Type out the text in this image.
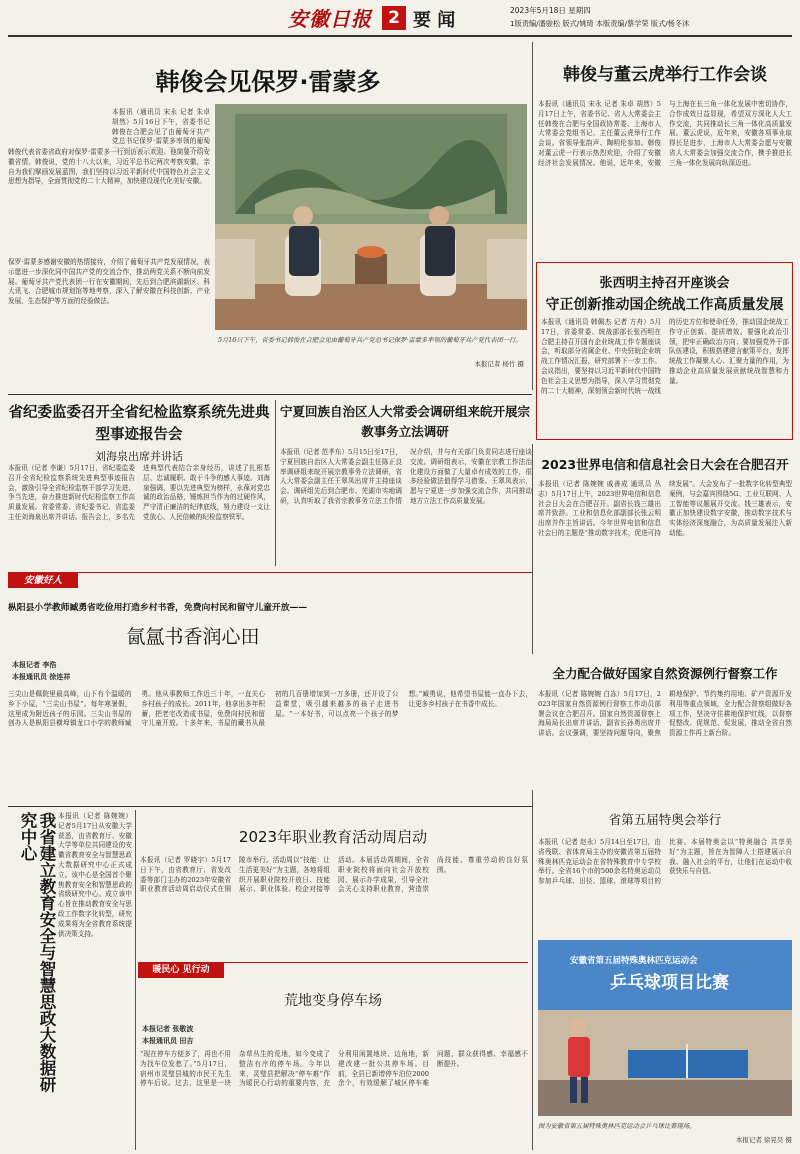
安徽日报 2 要 闻	2023年5月18日 星期四
1版责编/潘骏松 版式/姚琦 本版责编/蔡学荣 版式/杨冬沐
韩俊会见保罗·雷蒙多
本报讯（通讯员 宋永 记者 朱卓 胡然）5月16日下午，省委书记韩俊在合肥会见了由葡萄牙共产党总书记保罗·雷蒙多率领的葡萄
韩俊代表省委省政府对保罗·雷蒙多一行到访表示欢迎。他简要介绍安徽省情，韩俊说，党的十八大以来，习近平总书记两次考察安徽，亲自为我们擘画发展蓝图，我们坚持以习近平新时代中国特色社会主义思想为指导，全面贯彻党的二十大精神，加快建设现代化美好安徽。
保罗·雷蒙多感谢安徽的热情接待，介绍了葡萄牙共产党发展情况，表示愿进一步深化同中国共产党的交流合作，推动两党关系不断向前发展。葡萄牙共产党代表团一行在安徽期间，先后到合肥滨湖新区、科大讯飞、合肥城市规划馆等地考察，深入了解安徽在科技创新、产业发展、生态保护等方面的经验做法。
5月16日下午，省委书记韩俊在合肥会见由葡萄牙共产党总书记保罗·雷蒙多率领的葡萄牙共产党代表团一行。
本报记者 杨竹 摄
韩俊与董云虎举行工作会谈
本报讯（通讯员 宋永 记者 朱卓 胡然）5月17日上午，省委书记、省人大常委会主任韩俊在合肥与全国政协常委、上海市人大常委会党组书记、主任董云虎举行工作会谈。省领导张韵声、陶明伦参加。韩俊对董云虎一行表示热烈欢迎，介绍了安徽经济社会发展情况。他说，近年来，安徽与上海在长三角一体化发展中密切协作，合作成效日益显现，希望双方深化人大工作交流，共同推动长三角一体化高质量发展。董云虎说，近年来，安徽各项事业取得长足进步，上海市人大常委会愿与安徽省人大常委会加强交流合作，携手推进长三角一体化发展向纵深迈进。
张西明主持召开座谈会
守正创新推动国企统战工作高质量发展
本报讯（通讯员 韩佩杰 记者 方舟）5月17日，省委常委、统战部部长张西明在合肥主持召开国有企业统战工作专题座谈会，听取部分省属企业、中央驻皖企业统战工作情况汇报，研究部署下一步工作。会议指出，要坚持以习近平新时代中国特色社会主义思想为指导，深入学习贯彻党的二十大精神，深刻领会新时代统一战线的历史方位和使命任务，推动国企统战工作守正创新、提质增效。要强化政治引领，把牢正确政治方向；要加强党外干部队伍建设，积极搭建建言献策平台，发挥统战工作凝聚人心、汇聚力量的作用，为推动企业高质量发展贡献统战智慧和力量。
省纪委监委召开全省纪检监察系统先进典型事迹报告会
刘海泉出席并讲话
本报讯（记者 李谦）5月17日，省纪委监委召开全省纪检监察系统先进典型事迹报告会，激励引导全省纪检监察干部学习先进、争当先进，奋力推进新时代纪检监察工作高质量发展。省委常委、省纪委书记、省监委主任刘海泉出席并讲话。报告会上，多名先进典型代表结合亲身经历，讲述了扎根基层、忠诚履职、敢于斗争的感人事迹。刘海泉强调，要以先进典型为榜样，永葆对党忠诚的政治品格，锤炼担当作为的过硬作风，严守清正廉洁的纪律底线，努力建设一支让党放心、人民信赖的纪检监察铁军。
宁夏回族自治区人大常委会调研组来皖开展宗教事务立法调研
本报讯（记者 范孝东）5月15日至17日，宁夏回族自治区人大常委会副主任陈正良率调研组来皖开展宗教事务立法调研，省人大常委会副主任王翠凤出席并主持座谈会。调研组先后到合肥市、芜湖市实地调研，认真听取了我省宗教事务立法工作情况介绍，并与有关部门负责同志进行座谈交流。调研组表示，安徽在宗教工作法治化建设方面做了大量卓有成效的工作，很多经验做法值得学习借鉴。王翠凤表示，愿与宁夏进一步加强交流合作，共同推动地方立法工作高质量发展。
2023世界电信和信息社会日大会在合肥召开
本报讯（记者 陈婉婉 戚善成 通讯员 丛志）5月17日上午，2023世界电信和信息社会日大会在合肥召开。副省长钱三雄出席并致辞。工业和信息化部副部长张云明出席并作主旨讲话。今年世界电信和信息社会日的主题是“推动数字技术，促进可持续发展”。大会发布了一批数字化转型典型案例，与会嘉宾围绕5G、工业互联网、人工智能等议题展开交流。钱三雄表示，安徽正加快建设数字安徽，推动数字技术与实体经济深度融合，为高质量发展注入新动能。
安徽好人
枞阳县小学教师臧勇省吃俭用打造乡村书香，免费向村民和留守儿童开放——
氤氲书香润心田
本报记者 李浩
本报通讯员 徐连祥
三尖山是佩院里最高峰，山下有个温暖的乡下小屋，“三尖山书屋”。每年寒暑假，这里成为附近孩子的乐园。三尖山书屋的创办人是枞阳县横埠镇龙口小学的教师臧勇。他从事教师工作近三十年，一直关心乡村孩子的成长。2011年，他拿出多年积蓄，把老宅改造成书屋，免费向村民和留守儿童开放。十多年来，书屋的藏书从最初的几百册增加到一万多册，还开设了公益课堂，吸引越来越多的孩子走进书屋。“一本好书，可以点亮一个孩子的梦想。”臧勇说，他希望书屋能一直办下去，让更多乡村孩子在书香中成长。
全力配合做好国家自然资源例行督察工作
本报讯（记者 陈婉婉 白冻）5月17日，2023年国家自然资源例行督察工作动员部署会议在合肥召开。国家自然资源督察上海局局长出席并讲话，副省长孙勇出席并讲话。会议强调，要坚持问题导向，聚焦耕地保护、节约集约用地、矿产资源开发利用等重点领域，全力配合督察组做好各项工作，坚决守住耕地保护红线，以督察促整改、促规范、促发展，推动全省自然资源工作再上新台阶。
我省建立教育安全与智慧思政大数据研究中心	本报讯（记者 陈婉婉）记者5月17日从安徽大学获悉，由省教育厅、安徽大学等单位共同建设的安徽省教育安全与智慧思政大数据研究中心正式成立。该中心是全国首个聚焦教育安全和智慧思政的省级研究中心。成立该中心旨在推动教育安全与思政工作数字化转型，研究成果将为全省教育系统提供决策支持。
2023年职业教育活动周启动
本报讯（记者 罗晓宇）5月17日下午，由省教育厅、省发改委等部门主办的2023年安徽省职业教育活动周启动仪式在铜陵市举行。活动周以“技能：让生活更美好”为主题，各地将组织开展职业院校开放日、技能展示、职业体验、校企对接等活动。本届活动周期间，全省职业院校将面向社会开放校园、展示办学成果，引导全社会关心支持职业教育，营造崇尚技能、尊重劳动的良好氛围。
暖民心 见行动
荒地变身停车场
本报记者 张敬波
本报通讯员 田吉
“现在停车方便多了，再也不用为找车位发愁了。”5月17日，宿州市灵璧县城的市民王先生停车后说。过去，这里是一块杂草丛生的荒地，如今变成了整洁有序的停车场。今年以来，灵璧县把解决“停车难”作为暖民心行动的重要内容，充分利用闲置地块、边角地，新建改建一批公共停车场。目前，全县已新增停车泊位2000余个，有效缓解了城区停车难问题，群众获得感、幸福感不断提升。
省第五届特奥会举行
本报讯（记者 赵永）5月14日至17日，由省残联、省体育局主办的安徽省第五届特殊奥林匹克运动会在省特殊教育中专学校举行。全省16个市的500余名特奥运动员参加乒乓球、田径、篮球、滚球等项目的比赛。本届特奥会以“特奥融合 共享美好”为主题，旨在为智障人士搭建展示自我、融入社会的平台，让他们在运动中收获快乐与自信。
安徽省第五届特殊奥林匹克运动会
乒乓球项目比赛
图为安徽省第五届特殊奥林匹克运动会乒乓球比赛现场。
本报记者 徐晃昊 摄
